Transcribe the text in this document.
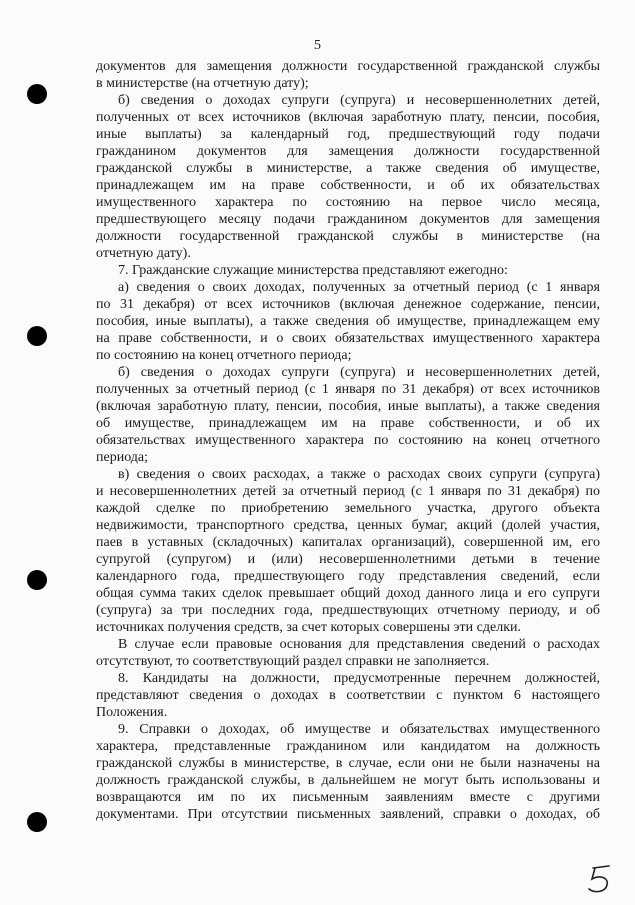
5

документов для замещения должности государственной гражданской службы

в министерстве (на отчетную дату);

б) сведения о доходах супруги (супруга) и несовершеннолетних детей,

полученных от всех источников (включая заработную плату, пенсии, пособия,

иные выплаты) за календарный год, предшествующий году подачи

гражданином документов для замещения должности государственной

гражданской службы в министерстве, а также сведения об имуществе,

принадлежащем им на праве собственности, и об их обязательствах

имущественного характера по состоянию на первое число месяца,

предшествующего месяцу подачи гражданином документов для замещения

должности государственной гражданской службы в министерстве (на

отчетную дату).

7. Гражданские служащие министерства представляют ежегодно:

а) сведения о своих доходах, полученных за отчетный период (с 1 января

по 31 декабря) от всех источников (включая денежное содержание, пенсии,

пособия, иные выплаты), а также сведения об имуществе, принадлежащем ему

на праве собственности, и о своих обязательствах имущественного характера

по состоянию на конец отчетного периода;

б) сведения о доходах супруги (супруга) и несовершеннолетних детей,

полученных за отчетный период (с 1 января по 31 декабря) от всех источников

(включая заработную плату, пенсии, пособия, иные выплаты), а также сведения

об имуществе, принадлежащем им на праве собственности, и об их

обязательствах имущественного характера по состоянию на конец отчетного

периода;

в) сведения о своих расходах, а также о расходах своих супруги (супруга)

и несовершеннолетних детей за отчетный период (с 1 января по 31 декабря) по

каждой сделке по приобретению земельного участка, другого объекта

недвижимости, транспортного средства, ценных бумаг, акций (долей участия,

паев в уставных (складочных) капиталах организаций), совершенной им, его

супругой (супругом) и (или) несовершеннолетними детьми в течение

календарного года, предшествующего году представления сведений, если

общая сумма таких сделок превышает общий доход данного лица и его супруги

(супруга) за три последних года, предшествующих отчетному периоду, и об

источниках получения средств, за счет которых совершены эти сделки.

В случае если правовые основания для представления сведений о расходах

отсутствуют, то соответствующий раздел справки не заполняется.

8. Кандидаты на должности, предусмотренные перечнем должностей,

представляют сведения о доходах в соответствии с пунктом 6 настоящего

Положения.

9. Справки о доходах, об имуществе и обязательствах имущественного

характера, представленные гражданином или кандидатом на должность

гражданской службы в министерстве, в случае, если они не были назначены на

должность гражданской службы, в дальнейшем не могут быть использованы и

возвращаются им по их письменным заявлениям вместе с другими

документами. При отсутствии письменных заявлений, справки о доходах, об
